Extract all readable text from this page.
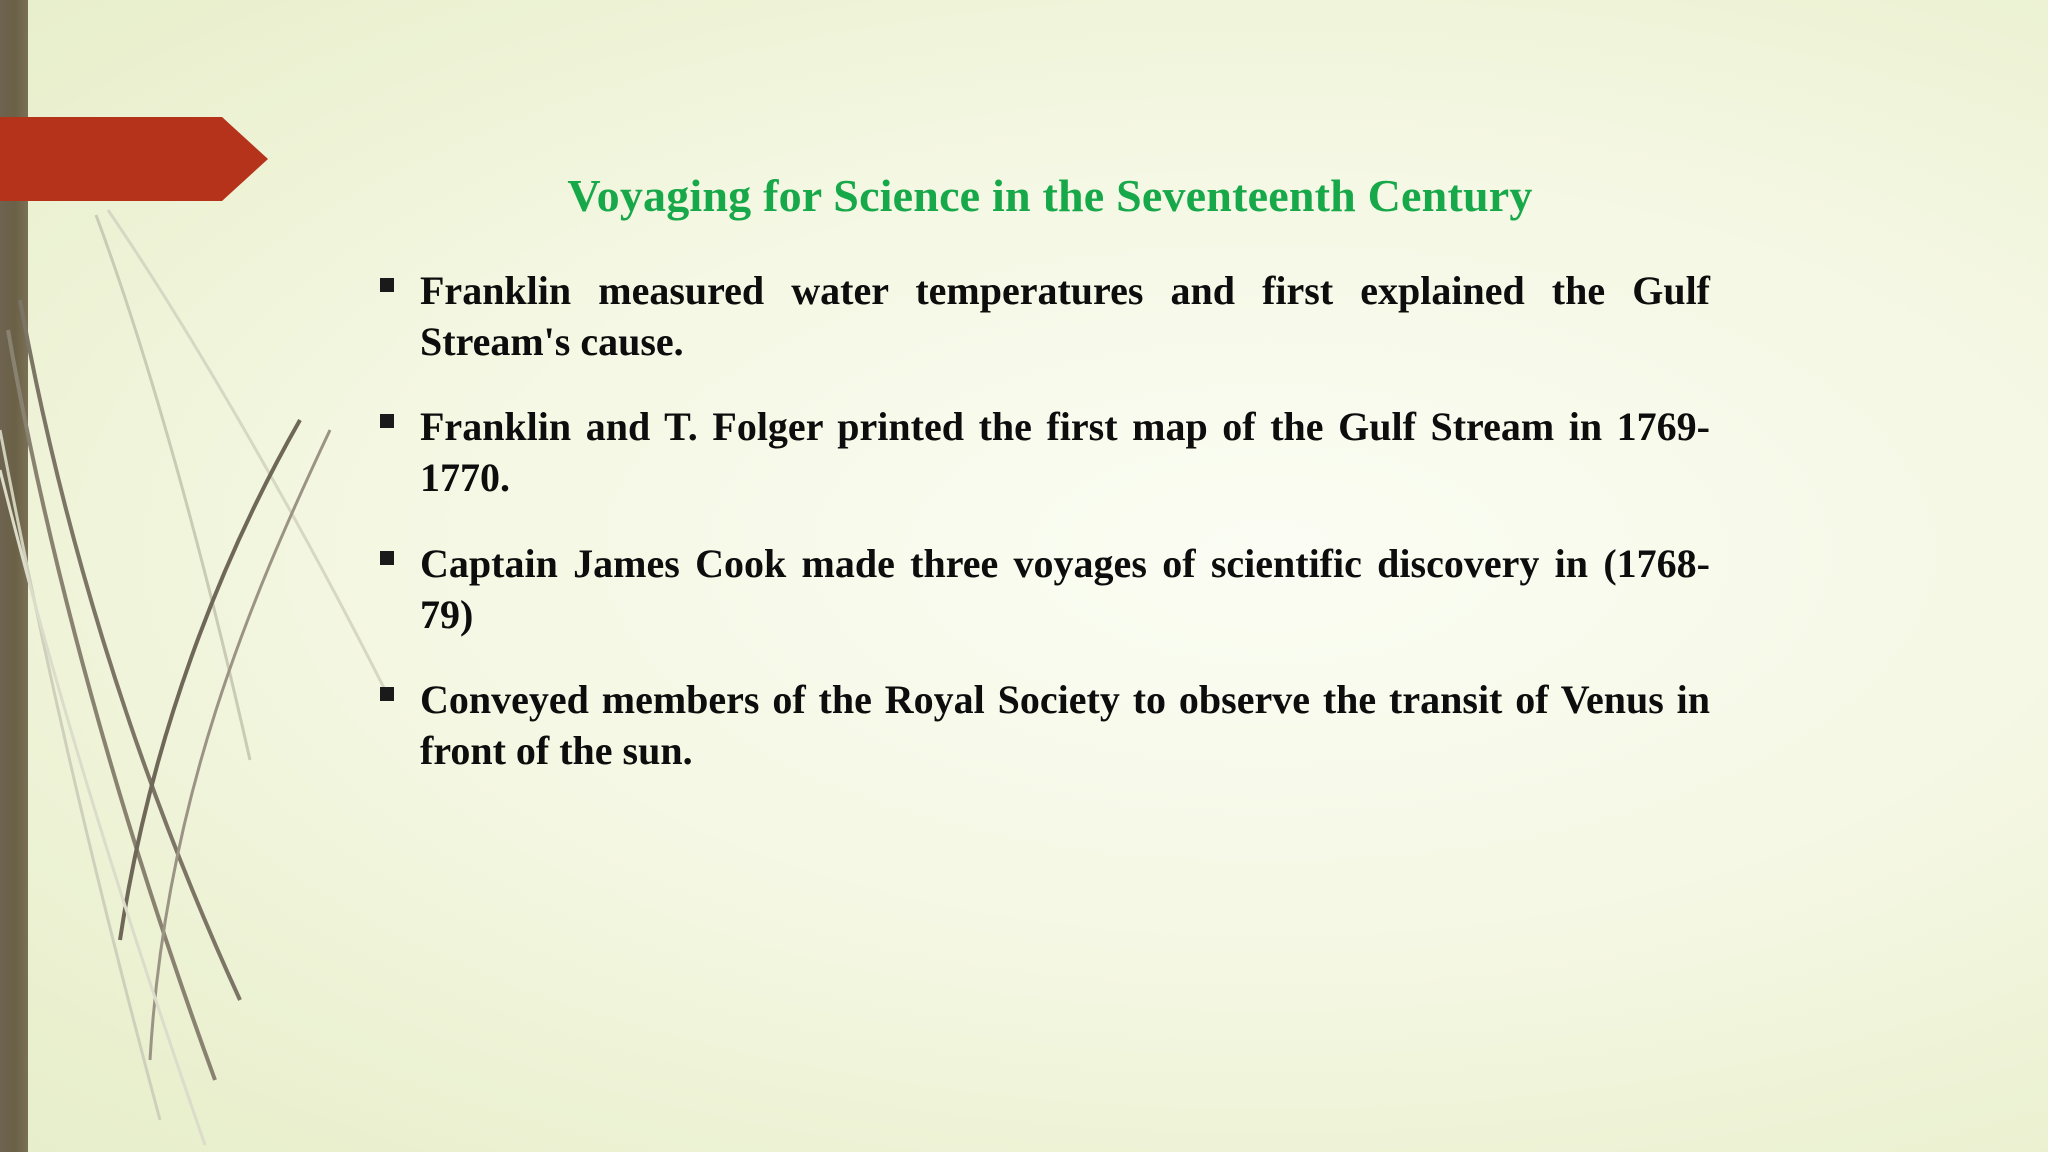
Voyaging for Science in the Seventeenth Century
Franklin measured water temperatures and first explained the Gulf Stream's cause.
Franklin and T. Folger printed the first map of the Gulf Stream in 1769-1770.
Captain James Cook made three voyages of scientific discovery in (1768-79)
Conveyed members of the Royal Society to observe the transit of Venus in front of the sun.
